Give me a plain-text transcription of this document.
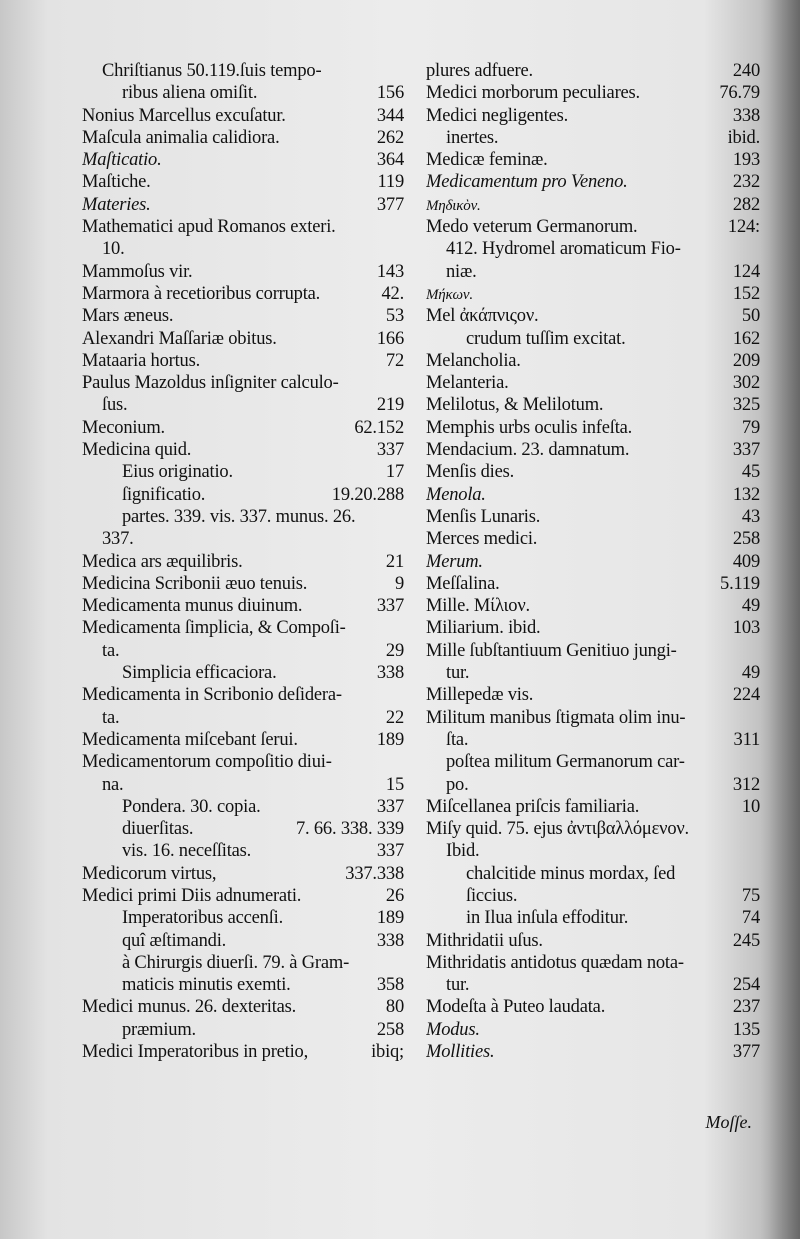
Chriſtianus 50.119.ſuis tempo-
ribus aliena omiſit.	156
Nonius Marcellus excuſatur.	344
Maſcula animalia calidiora.	262
Maſticatio.	364
Maſtiche.	119
Materies.	377
Mathematici apud Romanos exteri.
10.
Mammoſus vir.	143
Marmora à recetioribus corrupta.	42.
Mars æneus.	53
Alexandri Maſſariæ obitus.	166
Mataaria hortus.	72
Paulus Mazoldus inſigniter calculo-
ſus.	219
Meconium.	62.152
Medicina quid.	337
Eius originatio.	17
ſignificatio.	19.20.288
partes. 339. vis. 337. munus. 26.
337.
Medica ars æquilibris.	21
Medicina Scribonii æuo tenuis.	9
Medicamenta munus diuinum.	337
Medicamenta ſimplicia, & Compoſi-
ta.	29
Simplicia efficaciora.	338
Medicamenta in Scribonio deſidera-
ta.	22
Medicamenta miſcebant ſerui.	189
Medicamentorum compoſitio diui-
na.	15
Pondera. 30. copia.	337
diuerſitas.	7. 66. 338. 339
vis. 16. neceſſitas.	337
Medicorum virtus,	337.338
Medici primi Diis adnumerati.	26
Imperatoribus accenſi.	189
quî æſtimandi.	338
à Chirurgis diuerſi. 79. à Gram-
maticis minutis exemti.	358
Medici munus. 26. dexteritas.	80
præmium.	258
Medici Imperatoribus in pretio,	ibiq;
plures adfuere.	240
Medici morborum peculiares.	76.79
Medici negligentes.	338
inertes.	ibid.
Medicæ feminæ.	193
Medicamentum pro Veneno.	232
Μηδικὸν.	282
Medo veterum Germanorum.	124:
412. Hydromel aromaticum Fio-
niæ.	124
Μήκων.	152
Mel ἀκάπνιςον.	50
crudum tuſſim excitat.	162
Melancholia.	209
Melanteria.	302
Melilotus, & Melilotum.	325
Memphis urbs oculis infeſta.	79
Mendacium. 23. damnatum.	337
Menſis dies.	45
Menola.	132
Menſis Lunaris.	43
Merces medici.	258
Merum.	409
Meſſalina.	5.119
Mille. Μίλιον.	49
Miliarium. ibid.	103
Mille ſubſtantiuum Genitiuo jungi-
tur.	49
Millepedæ vis.	224
Militum manibus ſtigmata olim inu-
ſta.	311
poſtea militum Germanorum car-
po.	312
Miſcellanea priſcis familiaria.	10
Miſy quid. 75. ejus ἀντιβαλλόμενον.
Ibid.
chalcitide minus mordax, ſed
ſiccius.	75
in Ilua inſula effoditur.	74
Mithridatii uſus.	245
Mithridatis antidotus quædam nota-
tur.	254
Modeſta à Puteo laudata.	237
Modus.	135
Mollities.	377
Moſſe.
